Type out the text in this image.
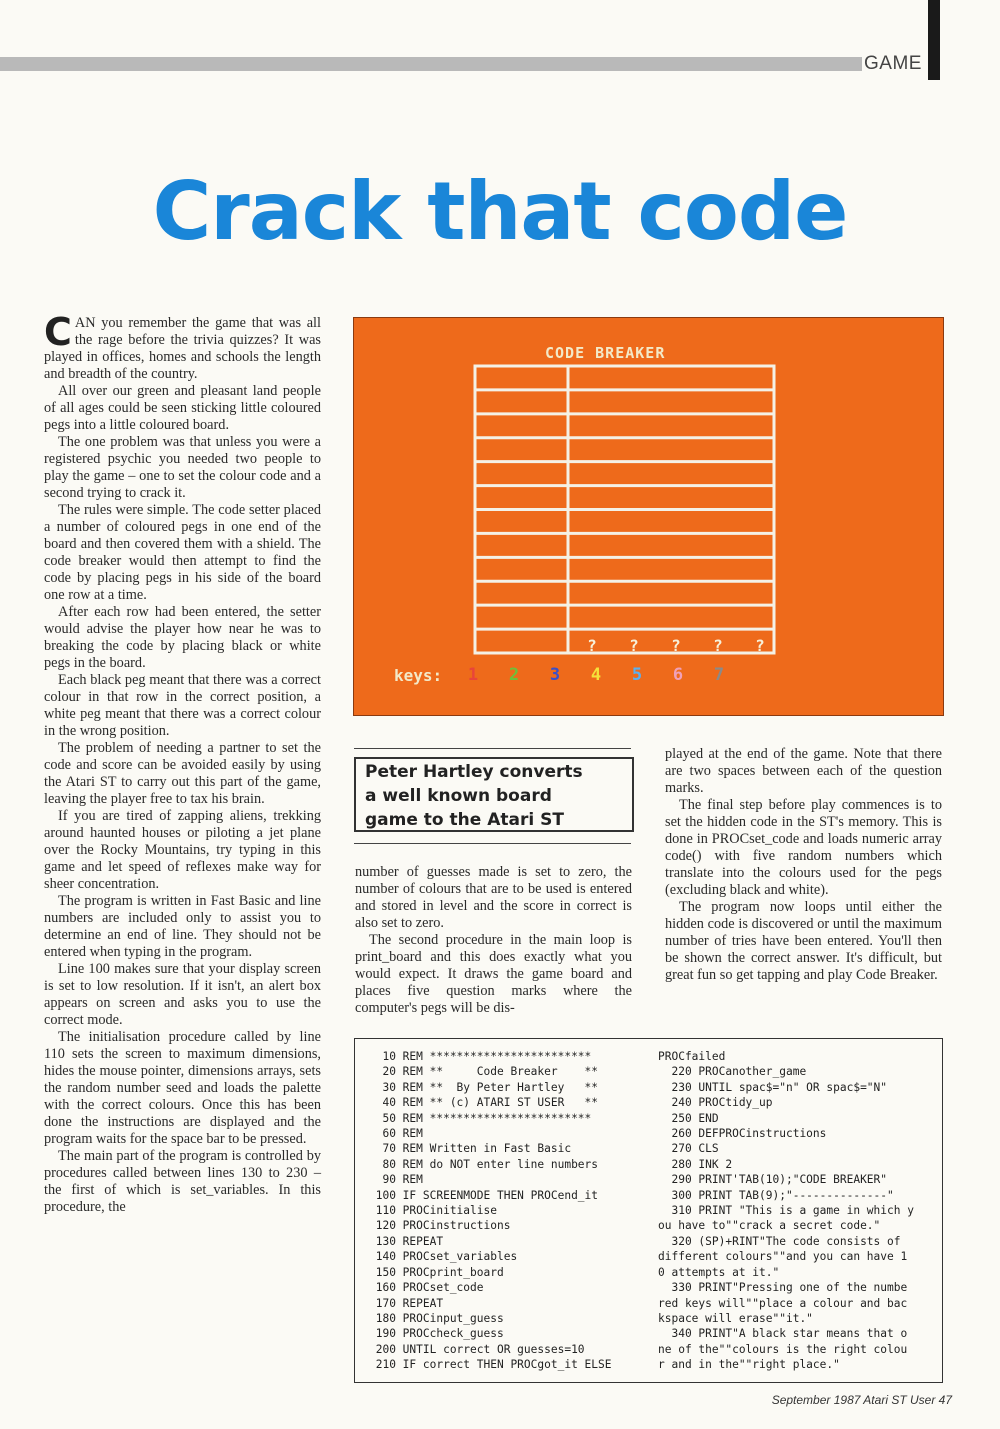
GAME
Crack that code

CAN you remember the game that was all the rage before the trivia quizzes? It was played in offices, homes and schools the length and breadth of the country.

All over our green and pleasant land people of all ages could be seen sticking little coloured pegs into a little coloured board.

The one problem was that unless you were a registered psychic you needed two people to play the game – one to set the colour code and a second trying to crack it.

The rules were simple. The code setter placed a number of coloured pegs in one end of the board and then covered them with a shield. The code breaker would then attempt to find the code by placing pegs in his side of the board one row at a time.

After each row had been entered, the setter would advise the player how near he was to breaking the code by placing black or white pegs in the board.

Each black peg meant that there was a correct colour in that row in the correct position, a white peg meant that there was a correct colour in the wrong position.

The problem of needing a partner to set the code and score can be avoided easily by using the Atari ST to carry out this part of the game, leaving the player free to tax his brain.

If you are tired of zapping aliens, trekking around haunted houses or piloting a jet plane over the Rocky Mountains, try typing in this game and let speed of reflexes make way for sheer concentration.

The program is written in Fast Basic and line numbers are included only to assist you to determine an end of line. They should not be entered when typing in the program.

Line 100 makes sure that your display screen is set to low resolution. If it isn't, an alert box appears on screen and asks you to use the correct mode.

The initialisation procedure called by line 110 sets the screen to maximum dimensions, hides the mouse pointer, dimensions arrays, sets the random number seed and loads the palette with the correct colours. Once this has been done the instructions are displayed and the program waits for the space bar to be pressed.

The main part of the program is controlled by procedures called between lines 130 to 230 – the first of which is set_variables. In this procedure, the

CODE BREAKER
?	?	?	?	?
keys: 1 2 3 4 5 6 7
Peter Hartley converts
a well known board
game to the Atari ST

number of guesses made is set to zero, the number of colours that are to be used is entered and stored in level and the score in correct is also set to zero.

The second procedure in the main loop is print_board and this does exactly what you would expect. It draws the game board and places five question marks where the computer's pegs will be dis-

played at the end of the game. Note that there are two spaces between each of the question marks.

The final step before play commences is to set the hidden code in the ST's memory. This is done in PROCset_code and loads numeric array code() with five random numbers which translate into the colours used for the pegs (excluding black and white).

The program now loops until either the hidden code is discovered or until the maximum number of tries have been entered. You'll then be shown the correct answer. It's difficult, but great fun so get tapping and play Code Breaker.

10 REM ************************
20 REM **     Code Breaker    **
30 REM **  By Peter Hartley   **
40 REM ** (c) ATARI ST USER   **
50 REM ************************
60 REM
70 REM Written in Fast Basic
80 REM do NOT enter line numbers
90 REM
100 IF SCREENMODE THEN PROCend_it
110 PROCinitialise
120 PROCinstructions
130 REPEAT
140 PROCset_variables
150 PROCprint_board
160 PROCset_code
170 REPEAT
180 PROCinput_guess
190 PROCcheck_guess
200 UNTIL correct OR guesses=10
210 IF correct THEN PROCgot_it ELSE
PROCfailed
220 PROCanother_game
230 UNTIL spac$="n" OR spac$="N"
240 PROCtidy_up
250 END
260 DEFPROCinstructions
270 CLS
280 INK 2
290 PRINT'TAB(10);"CODE BREAKER"
300 PRINT TAB(9);"--------------"
310 PRINT "This is a game in which y
ou have to""crack a secret code."
320 (SP)+RINT"The code consists of
different colours""and you can have 1
0 attempts at it."
330 PRINT"Pressing one of the numbe
red keys will""place a colour and bac
kspace will erase""it."
340 PRINT"A black star means that o
ne of the""colours is the right colou
r and in the""right place."
September 1987 Atari ST User 47
